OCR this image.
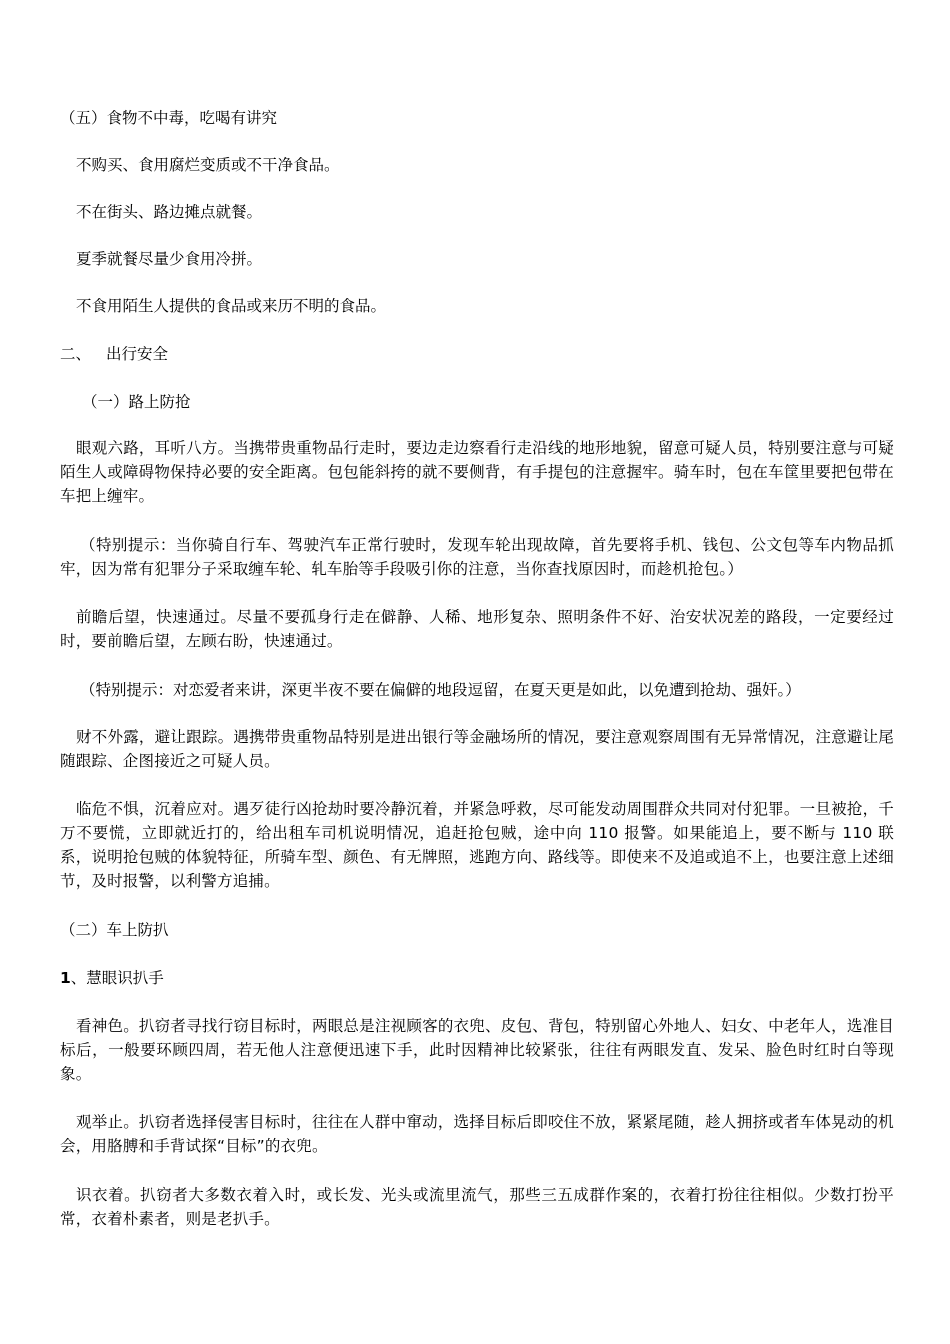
（五）食物不中毒，吃喝有讲究
不购买、食用腐烂变质或不干净食品。
不在街头、路边摊点就餐。
夏季就餐尽量少食用冷拼。
不食用陌生人提供的食品或来历不明的食品。
二、 出行安全
（一）路上防抢
眼观六路，耳听八方。当携带贵重物品行走时，要边走边察看行走沿线的地形地貌，留意可疑人员，特别要注意与可疑陌生人或障碍物保持必要的安全距离。包包能斜挎的就不要侧背，有手提包的注意握牢。骑车时，包在车筐里要把包带在车把上缠牢。
（特别提示：当你骑自行车、驾驶汽车正常行驶时，发现车轮出现故障，首先要将手机、钱包、公文包等车内物品抓牢，因为常有犯罪分子采取缠车轮、轧车胎等手段吸引你的注意，当你查找原因时，而趁机抢包。）
前瞻后望，快速通过。尽量不要孤身行走在僻静、人稀、地形复杂、照明条件不好、治安状况差的路段，一定要经过时，要前瞻后望，左顾右盼，快速通过。
（特别提示：对恋爱者来讲，深更半夜不要在偏僻的地段逗留，在夏天更是如此，以免遭到抢劫、强奸。）
财不外露，避让跟踪。遇携带贵重物品特别是进出银行等金融场所的情况，要注意观察周围有无异常情况，注意避让尾随跟踪、企图接近之可疑人员。
临危不惧，沉着应对。遇歹徒行凶抢劫时要冷静沉着，并紧急呼救，尽可能发动周围群众共同对付犯罪。一旦被抢，千万不要慌，立即就近打的，给出租车司机说明情况，追赶抢包贼，途中向 110 报警。如果能追上，要不断与 110 联系，说明抢包贼的体貌特征，所骑车型、颜色、有无牌照，逃跑方向、路线等。即使来不及追或追不上，也要注意上述细节，及时报警，以利警方追捕。
（二）车上防扒
1、慧眼识扒手
看神色。扒窃者寻找行窃目标时，两眼总是注视顾客的衣兜、皮包、背包，特别留心外地人、妇女、中老年人，选准目标后，一般要环顾四周，若无他人注意便迅速下手，此时因精神比较紧张，往往有两眼发直、发呆、脸色时红时白等现象。
观举止。扒窃者选择侵害目标时，往往在人群中窜动，选择目标后即咬住不放，紧紧尾随，趁人拥挤或者车体晃动的机会，用胳膊和手背试探“目标”的衣兜。
识衣着。扒窃者大多数衣着入时，或长发、光头或流里流气，那些三五成群作案的，衣着打扮往往相似。少数打扮平常，衣着朴素者，则是老扒手。
